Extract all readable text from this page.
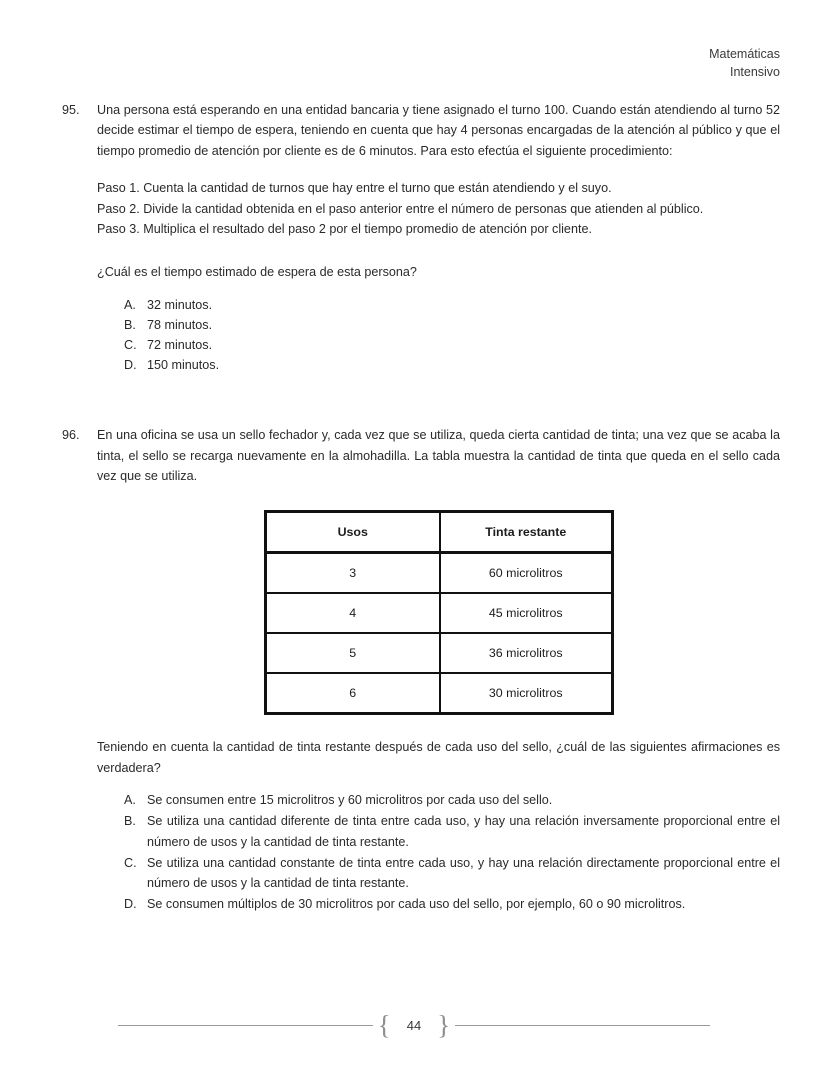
Matemáticas
Intensivo
95.	Una persona está esperando en una entidad bancaria y tiene asignado el turno 100. Cuando están atendiendo al turno 52 decide estimar el tiempo de espera, teniendo en cuenta que hay 4 personas encargadas de la atención al público y que el tiempo promedio de atención por cliente es de 6 minutos. Para esto efectúa el siguiente procedimiento:

Paso 1. Cuenta la cantidad de turnos que hay entre el turno que están atendiendo y el suyo.

Paso 2. Divide la cantidad obtenida en el paso anterior entre el número de personas que atienden al público.

Paso 3. Multiplica el resultado del paso 2 por el tiempo promedio de atención por cliente.

¿Cuál es el tiempo estimado de espera de esta persona?

A. 32 minutos.
B. 78 minutos.
C. 72 minutos.
D. 150 minutos.
96.	En una oficina se usa un sello fechador y, cada vez que se utiliza, queda cierta cantidad de tinta; una vez que se acaba la tinta, el sello se recarga nuevamente en la almohadilla. La tabla muestra la cantidad de tinta que queda en el sello cada vez que se utiliza.

Usos	Tinta restante
3	60 microlitros
4	45 microlitros
5	36 microlitros
6	30 microlitros

Teniendo en cuenta la cantidad de tinta restante después de cada uso del sello, ¿cuál de las siguientes afirmaciones es verdadera?

A. Se consumen entre 15 microlitros y 60 microlitros por cada uso del sello.
B. Se utiliza una cantidad diferente de tinta entre cada uso, y hay una relación inversamente proporcional entre el número de usos y la cantidad de tinta restante.
C. Se utiliza una cantidad constante de tinta entre cada uso, y hay una relación directamente proporcional entre el número de usos y la cantidad de tinta restante.
D. Se consumen múltiplos de 30 microlitros por cada uso del sello, por ejemplo, 60 o 90 microlitros.
{	44 }
